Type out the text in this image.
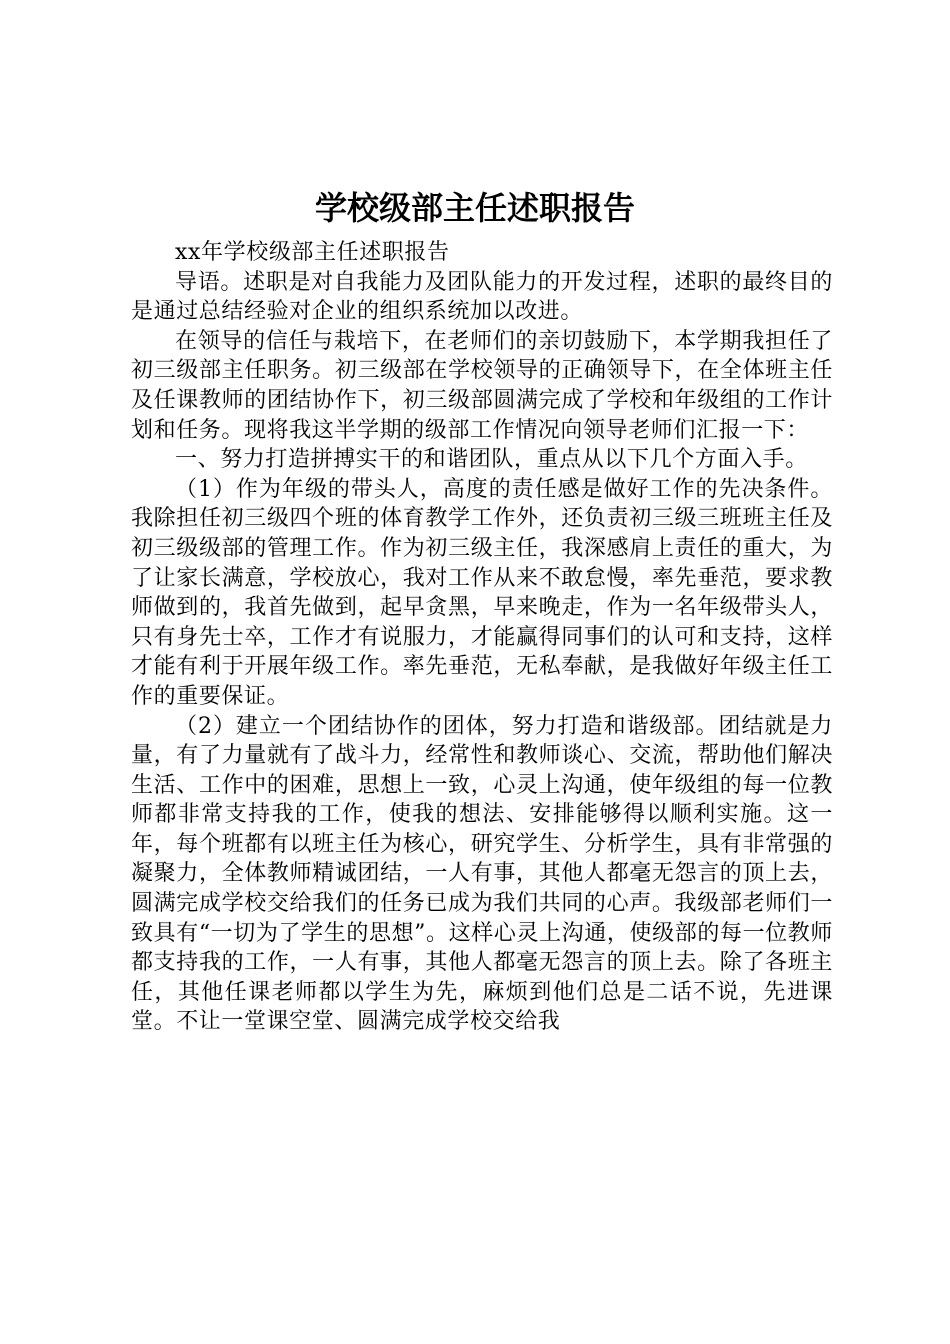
学校级部主任述职报告

xx年学校级部主任述职报告

导语。述职是对自我能力及团队能力的开发过程，述职的最终目的是通过总结经验对企业的组织系统加以改进。

在领导的信任与栽培下，在老师们的亲切鼓励下，本学期我担任了初三级部主任职务。初三级部在学校领导的正确领导下，在全体班主任及任课教师的团结协作下，初三级部圆满完成了学校和年级组的工作计划和任务。现将我这半学期的级部工作情况向领导老师们汇报一下：

一、努力打造拼搏实干的和谐团队，重点从以下几个方面入手。

（1）作为年级的带头人，高度的责任感是做好工作的先决条件。我除担任初三级四个班的体育教学工作外，还负责初三级三班班主任及初三级级部的管理工作。作为初三级主任，我深感肩上责任的重大，为了让家长满意，学校放心，我对工作从来不敢怠慢，率先垂范，要求教师做到的，我首先做到，起早贪黑，早来晚走，作为一名年级带头人，只有身先士卒，工作才有说服力，才能赢得同事们的认可和支持，这样才能有利于开展年级工作。率先垂范，无私奉献，是我做好年级主任工作的重要保证。

（2）建立一个团结协作的团体，努力打造和谐级部。团结就是力量，有了力量就有了战斗力，经常性和教师谈心、交流，帮助他们解决生活、工作中的困难，思想上一致，心灵上沟通，使年级组的每一位教师都非常支持我的工作，使我的想法、安排能够得以顺利实施。这一年，每个班都有以班主任为核心，研究学生、分析学生，具有非常强的凝聚力，全体教师精诚团结，一人有事，其他人都毫无怨言的顶上去，圆满完成学校交给我们的任务已成为我们共同的心声。我级部老师们一致具有“一切为了学生的思想”。这样心灵上沟通，使级部的每一位教师都支持我的工作，一人有事，其他人都毫无怨言的顶上去。除了各班主任，其他任课老师都以学生为先，麻烦到他们总是二话不说，先进课堂。不让一堂课空堂、圆满完成学校交给我
